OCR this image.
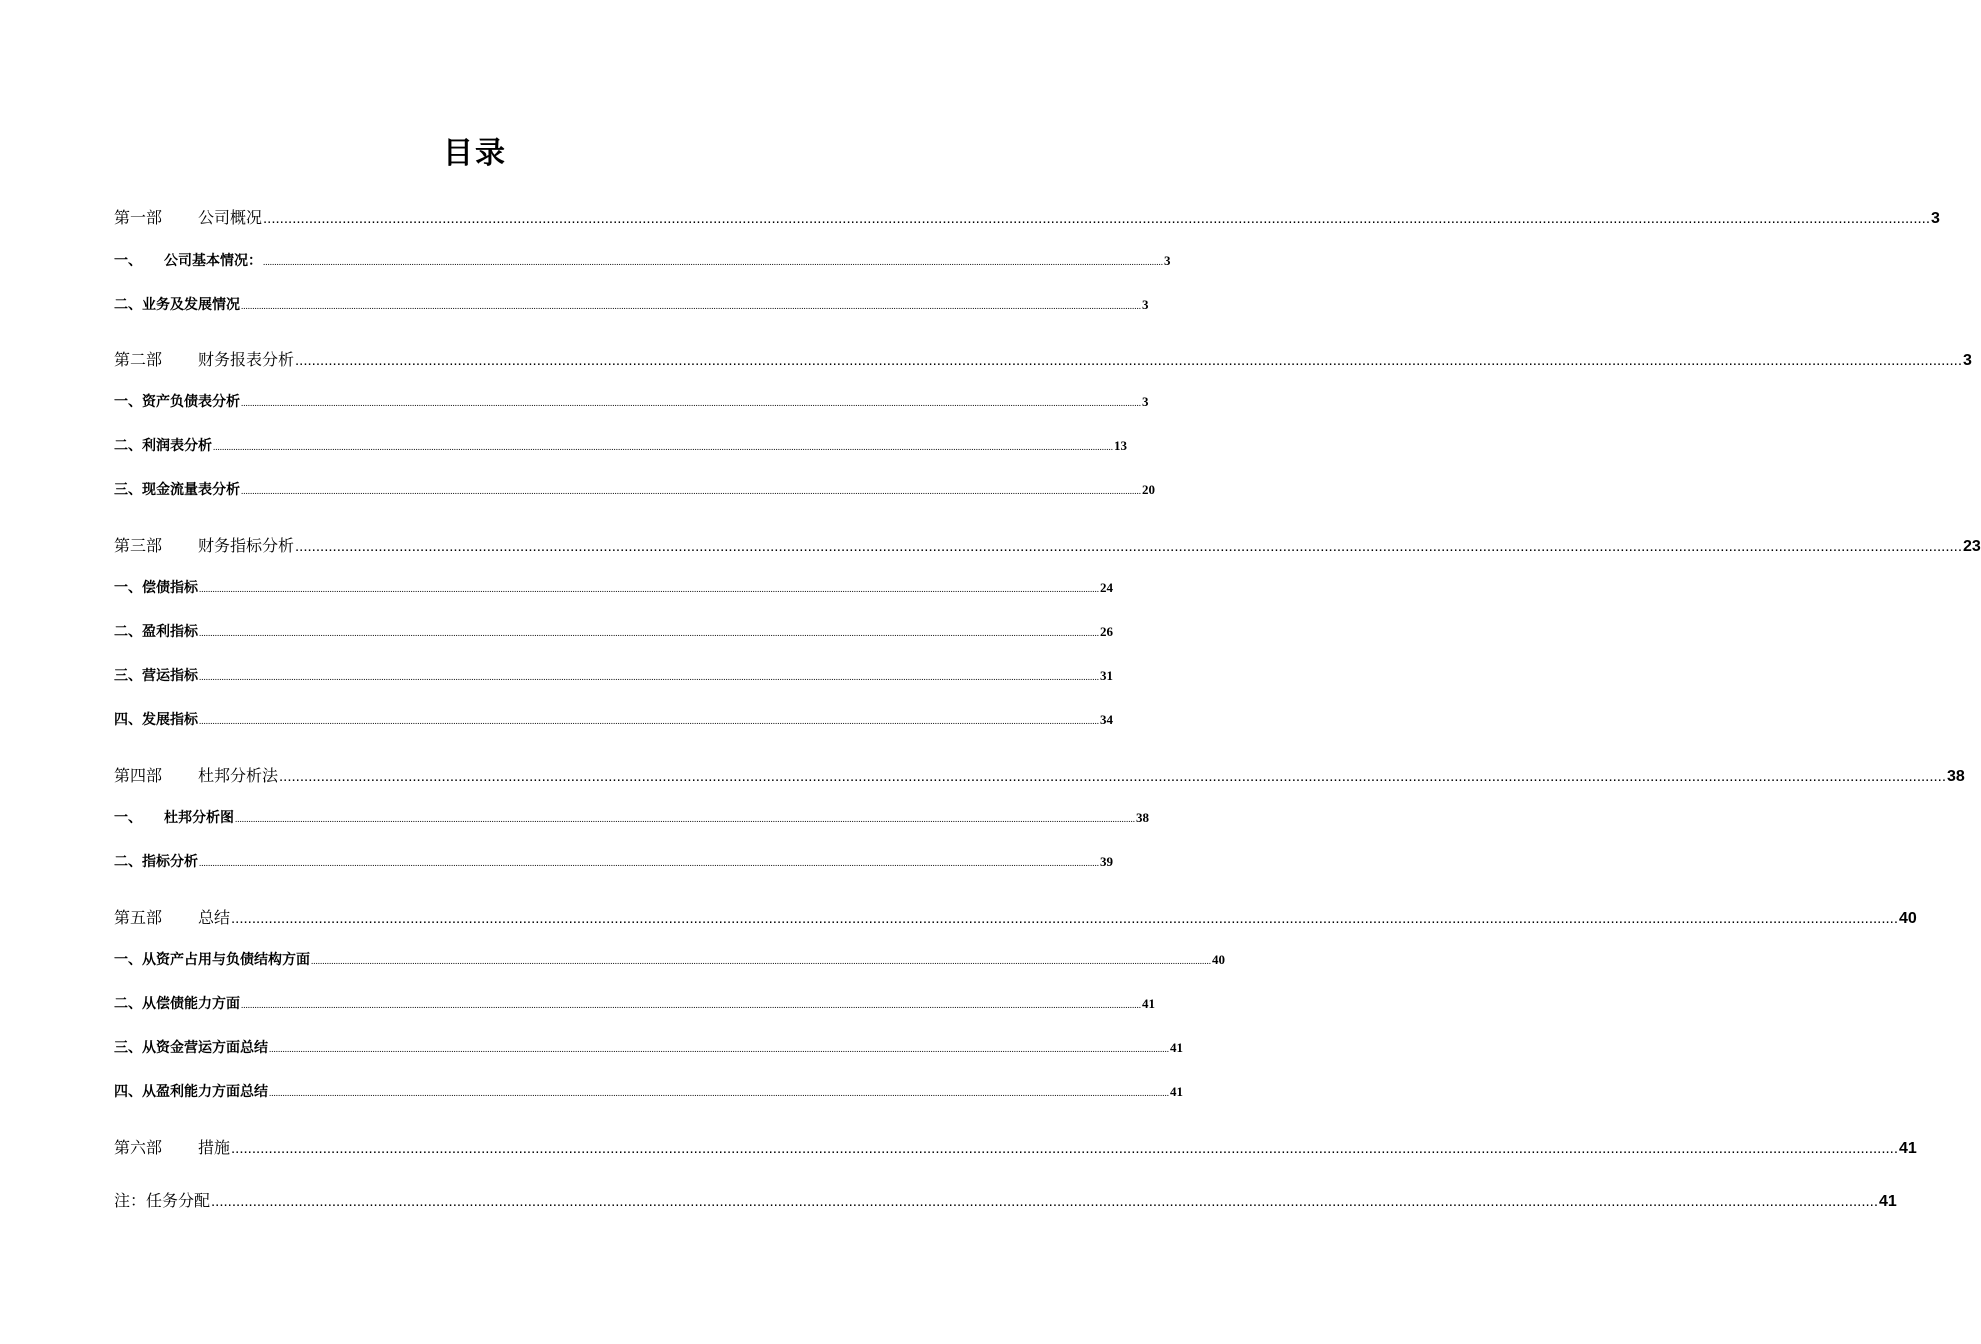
目录
第一部	公司概况 ................................................................................................................................................................................................................................................................................................................................................................................................................ 3
一、	公司基本情况： ................................................................................................................................................................................................................................................................................................................................................................................................................ 3
二、业务及发展情况 ................................................................................................................................................................................................................................................................................................................................................................................................................ 3
第二部	财务报表分析 ................................................................................................................................................................................................................................................................................................................................................................................................................ 3
一、资产负债表分析 ................................................................................................................................................................................................................................................................................................................................................................................................................ 3
二、利润表分析 ................................................................................................................................................................................................................................................................................................................................................................................................................ 13
三、现金流量表分析 ................................................................................................................................................................................................................................................................................................................................................................................................................ 20
第三部	财务指标分析 ................................................................................................................................................................................................................................................................................................................................................................................................................ 23
一、偿债指标 ................................................................................................................................................................................................................................................................................................................................................................................................................ 24
二、盈利指标 ................................................................................................................................................................................................................................................................................................................................................................................................................ 26
三、营运指标 ................................................................................................................................................................................................................................................................................................................................................................................................................ 31
四、发展指标 ................................................................................................................................................................................................................................................................................................................................................................................................................ 34
第四部	杜邦分析法 ................................................................................................................................................................................................................................................................................................................................................................................................................ 38
一、	杜邦分析图 ................................................................................................................................................................................................................................................................................................................................................................................................................ 38
二、指标分析 ................................................................................................................................................................................................................................................................................................................................................................................................................ 39
第五部	总结 ................................................................................................................................................................................................................................................................................................................................................................................................................ 40
一、从资产占用与负债结构方面 ................................................................................................................................................................................................................................................................................................................................................................................................................ 40
二、从偿债能力方面 ................................................................................................................................................................................................................................................................................................................................................................................................................ 41
三、从资金营运方面总结 ................................................................................................................................................................................................................................................................................................................................................................................................................ 41
四、从盈利能力方面总结 ................................................................................................................................................................................................................................................................................................................................................................................................................ 41
第六部	措施 ................................................................................................................................................................................................................................................................................................................................................................................................................ 41
注：任务分配 ................................................................................................................................................................................................................................................................................................................................................................................................................ 41
